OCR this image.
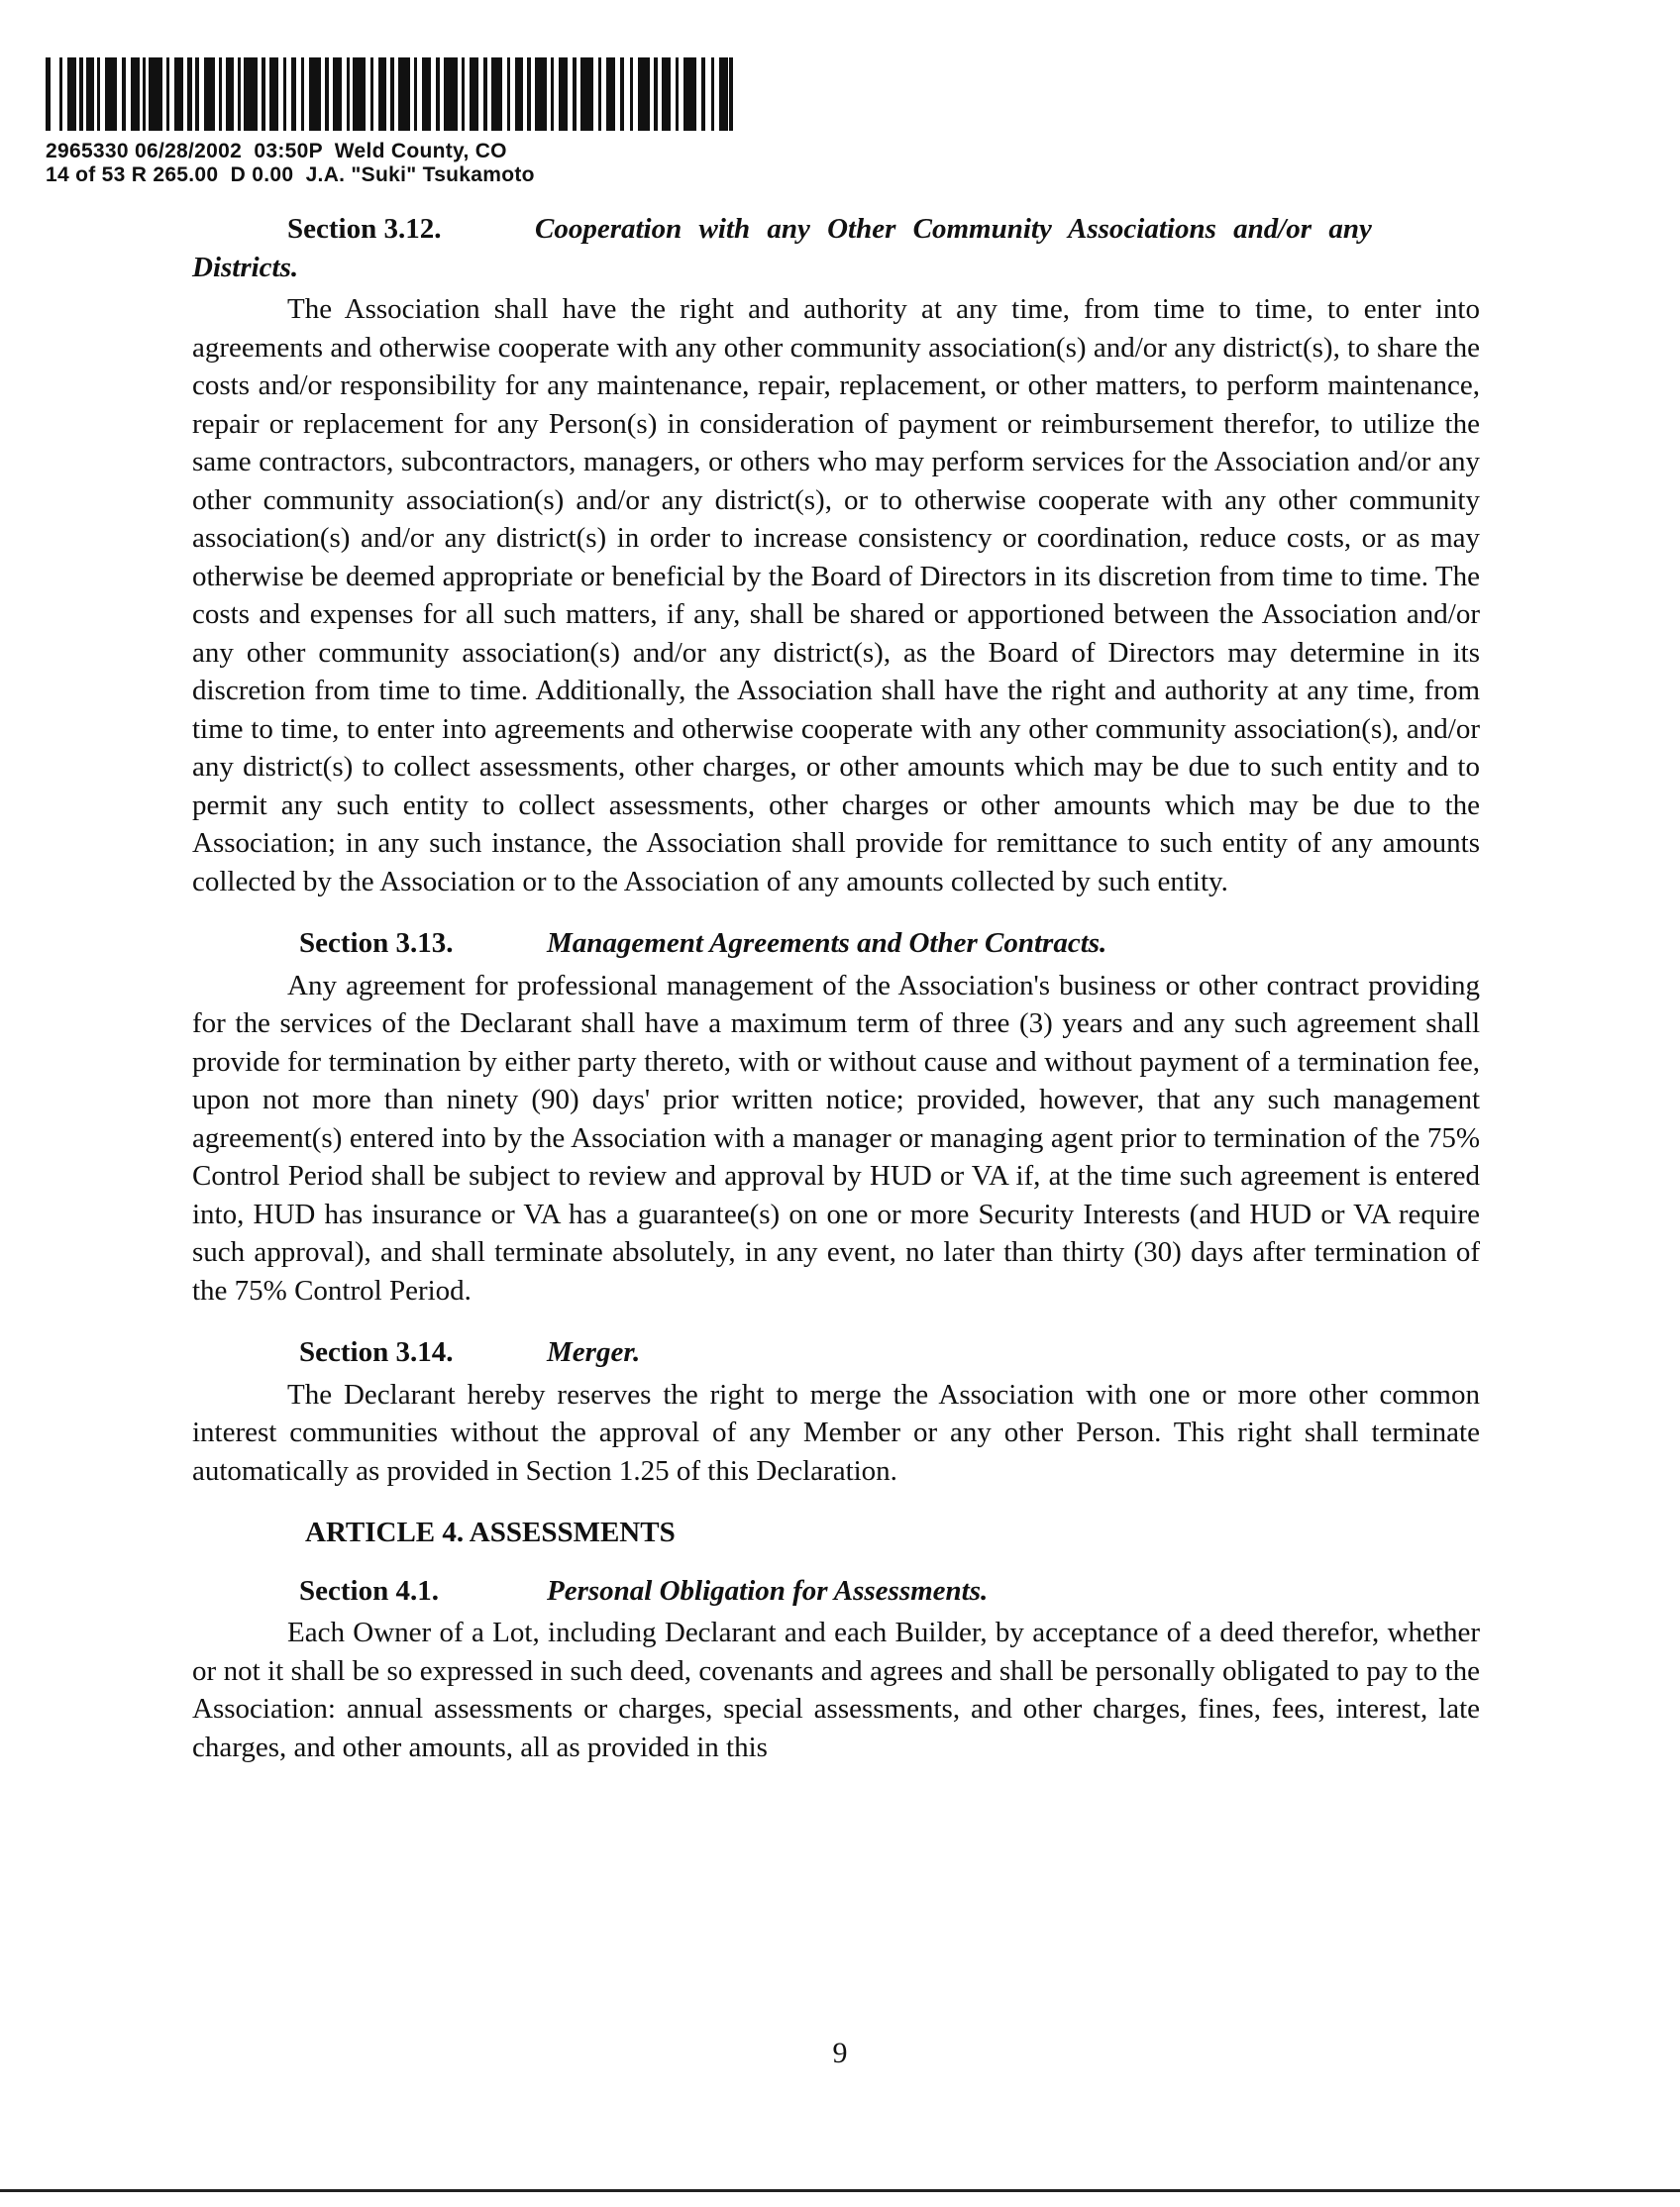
2965330 06/28/2002  03:50P  Weld County, CO
14 of 53 R 265.00  D 0.00  J.A. "Suki" Tsukamoto

Section 3.12.	Cooperation with any Other Community Associations and/or any

Districts.

The Association shall have the right and authority at any time, from time to time, to enter into agreements and otherwise cooperate with any other community association(s) and/or any district(s), to share the costs and/or responsibility for any maintenance, repair, replacement, or other matters, to perform maintenance, repair or replacement for any Person(s) in consideration of payment or reimbursement therefor, to utilize the same contractors, subcontractors, managers, or others who may perform services for the Association and/or any other community association(s) and/or any district(s), or to otherwise cooperate with any other community association(s) and/or any district(s) in order to increase consistency or coordination, reduce costs, or as may otherwise be deemed appropriate or beneficial by the Board of Directors in its discretion from time to time. The costs and expenses for all such matters, if any, shall be shared or apportioned between the Association and/or any other community association(s) and/or any district(s), as the Board of Directors may determine in its discretion from time to time. Additionally, the Association shall have the right and authority at any time, from time to time, to enter into agreements and otherwise cooperate with any other community association(s), and/or any district(s) to collect assessments, other charges, or other amounts which may be due to such entity and to permit any such entity to collect assessments, other charges or other amounts which may be due to the Association; in any such instance, the Association shall provide for remittance to such entity of any amounts collected by the Association or to the Association of any amounts collected by such entity.

Section 3.13.	Management Agreements and Other Contracts.

Any agreement for professional management of the Association's business or other contract providing for the services of the Declarant shall have a maximum term of three (3) years and any such agreement shall provide for termination by either party thereto, with or without cause and without payment of a termination fee, upon not more than ninety (90) days' prior written notice; provided, however, that any such management agreement(s) entered into by the Association with a manager or managing agent prior to termination of the 75% Control Period shall be subject to review and approval by HUD or VA if, at the time such agreement is entered into, HUD has insurance or VA has a guarantee(s) on one or more Security Interests (and HUD or VA require such approval), and shall terminate absolutely, in any event, no later than thirty (30) days after termination of the 75% Control Period.

Section 3.14.	Merger.

The Declarant hereby reserves the right to merge the Association with one or more other common interest communities without the approval of any Member or any other Person. This right shall terminate automatically as provided in Section 1.25 of this Declaration.

ARTICLE 4. ASSESSMENTS

Section 4.1.	Personal Obligation for Assessments.

Each Owner of a Lot, including Declarant and each Builder, by acceptance of a deed therefor, whether or not it shall be so expressed in such deed, covenants and agrees and shall be personally obligated to pay to the Association: annual assessments or charges, special assessments, and other charges, fines, fees, interest, late charges, and other amounts, all as provided in this

9
